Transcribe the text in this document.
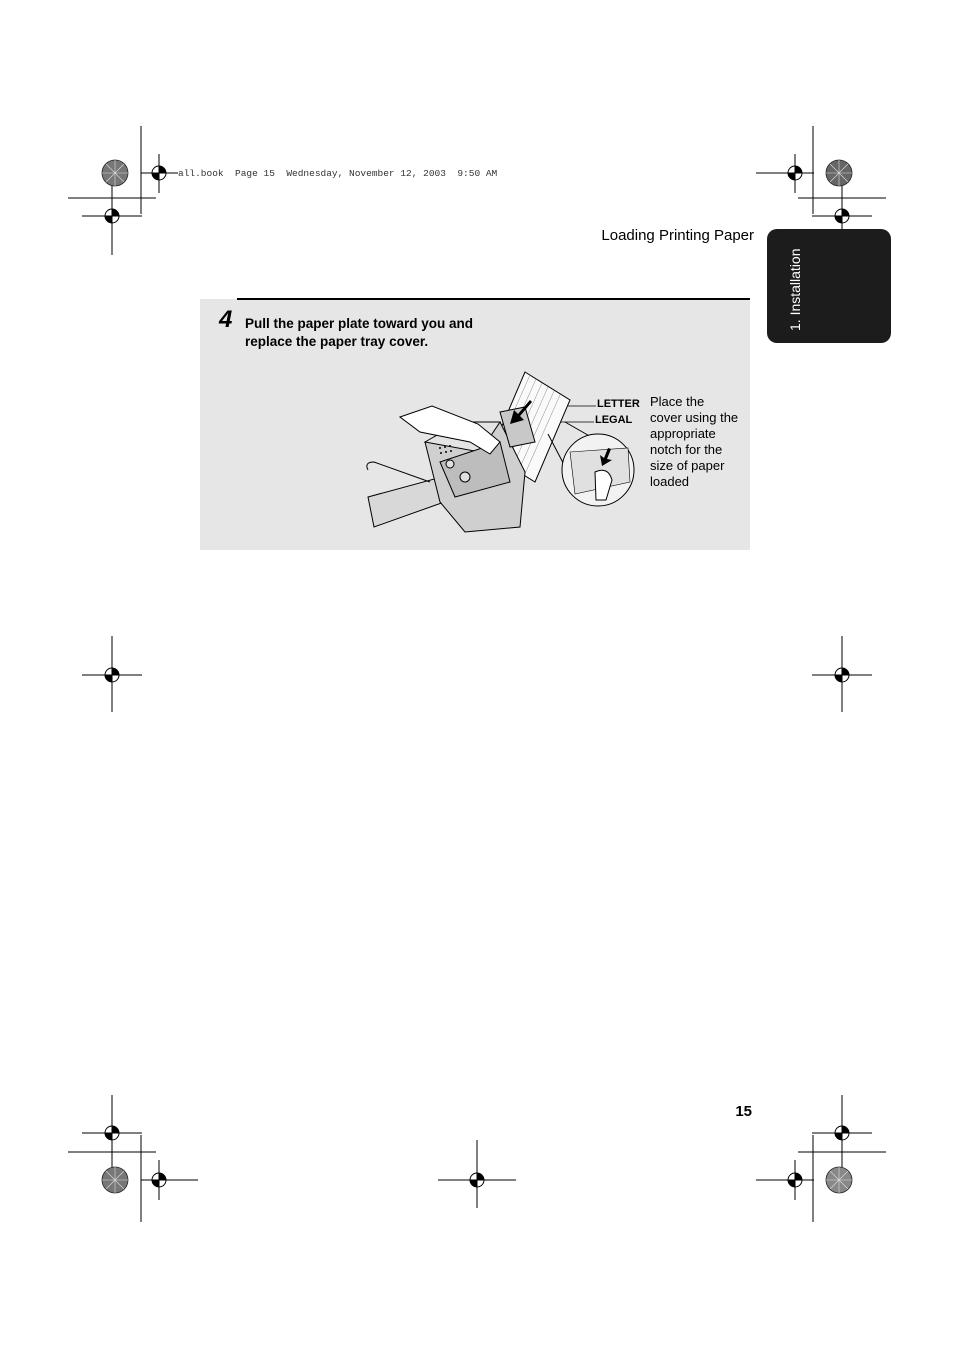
all.book  Page 15  Wednesday, November 12, 2003  9:50 AM
Loading Printing Paper
1. Installation
4 Pull the paper plate toward you and
replace the paper tray cover.
LETTER
LEGAL
Place the
cover using the
appropriate
notch for the
size of paper
loaded
15
